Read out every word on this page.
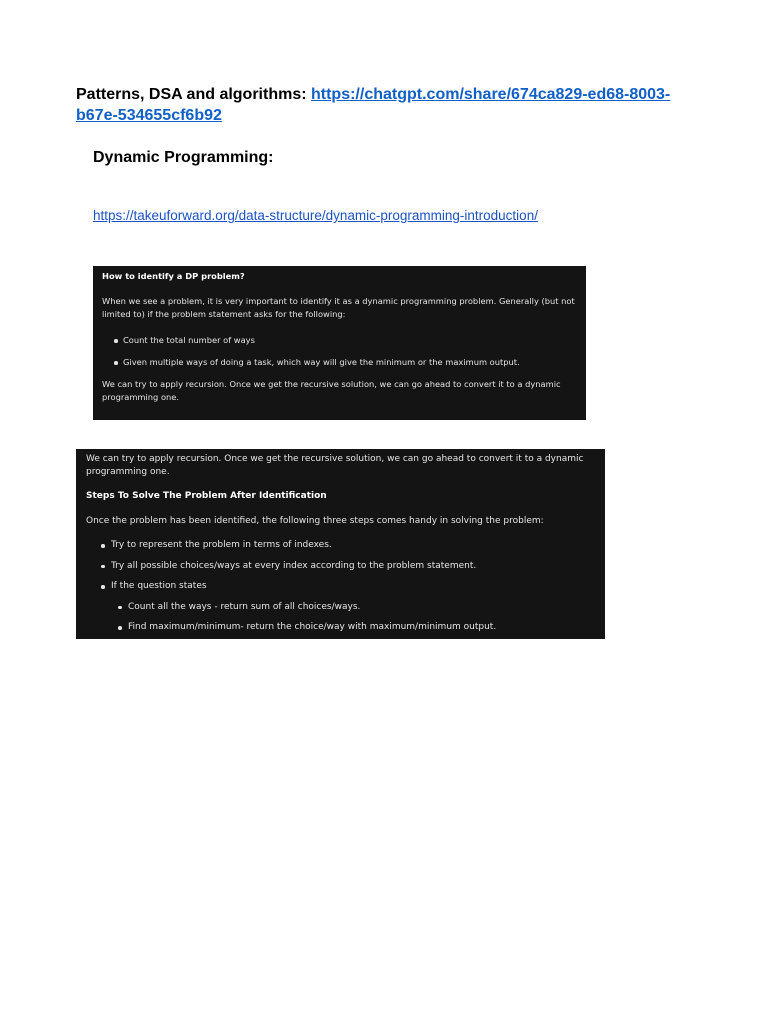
Patterns, DSA and algorithms: https://chatgpt.com/share/674ca829-ed68-8003-b67e-534655cf6b92
Dynamic Programming:
https://takeuforward.org/data-structure/dynamic-programming-introduction/

How to identify a DP problem?

When we see a problem, it is very important to identify it as a dynamic programming problem. Generally (but not limited to) if the problem statement asks for the following:

Count the total number of ways
Given multiple ways of doing a task, which way will give the minimum or the maximum output.

We can try to apply recursion. Once we get the recursive solution, we can go ahead to convert it to a dynamic programming one.

We can try to apply recursion. Once we get the recursive solution, we can go ahead to convert it to a dynamic programming one.

Steps To Solve The Problem After Identification

Once the problem has been identified, the following three steps comes handy in solving the problem:

Try to represent the problem in terms of indexes.
Try all possible choices/ways at every index according to the problem statement.
If the question states
Count all the ways - return sum of all choices/ways.
Find maximum/minimum- return the choice/way with maximum/minimum output.
